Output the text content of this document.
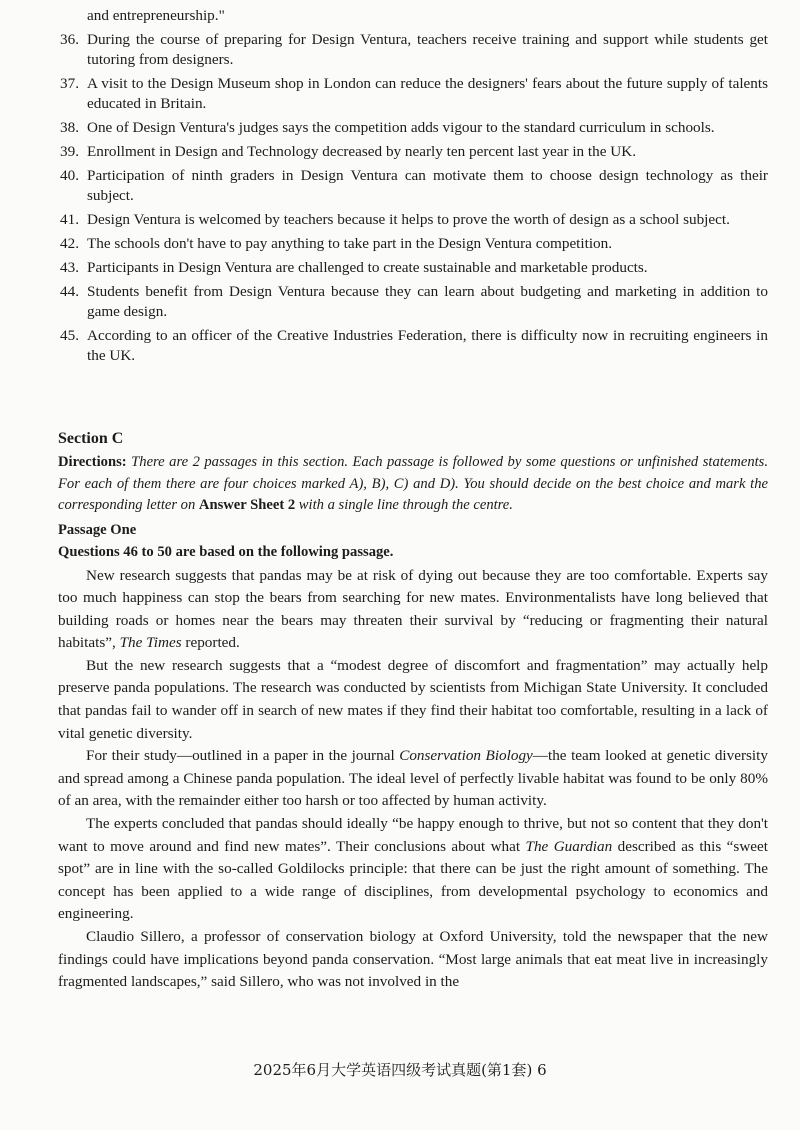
and entrepreneurship."
36. During the course of preparing for Design Ventura, teachers receive training and support while students get tutoring from designers.
37. A visit to the Design Museum shop in London can reduce the designers' fears about the future supply of talents educated in Britain.
38. One of Design Ventura's judges says the competition adds vigour to the standard curriculum in schools.
39. Enrollment in Design and Technology decreased by nearly ten percent last year in the UK.
40. Participation of ninth graders in Design Ventura can motivate them to choose design technology as their subject.
41. Design Ventura is welcomed by teachers because it helps to prove the worth of design as a school subject.
42. The schools don't have to pay anything to take part in the Design Ventura competition.
43. Participants in Design Ventura are challenged to create sustainable and marketable products.
44. Students benefit from Design Ventura because they can learn about budgeting and marketing in addition to game design.
45. According to an officer of the Creative Industries Federation, there is difficulty now in recruiting engineers in the UK.
Section C
Directions: There are 2 passages in this section. Each passage is followed by some questions or unfinished statements. For each of them there are four choices marked A), B), C) and D). You should decide on the best choice and mark the corresponding letter on Answer Sheet 2 with a single line through the centre.
Passage One
Questions 46 to 50 are based on the following passage.

New research suggests that pandas may be at risk of dying out because they are too comfortable. Experts say too much happiness can stop the bears from searching for new mates. Environmentalists have long believed that building roads or homes near the bears may threaten their survival by “reducing or fragmenting their natural habitats”, The Times reported.

But the new research suggests that a “modest degree of discomfort and fragmentation” may actually help preserve panda populations. The research was conducted by scientists from Michigan State University. It concluded that pandas fail to wander off in search of new mates if they find their habitat too comfortable, resulting in a lack of vital genetic diversity.

For their study—outlined in a paper in the journal Conservation Biology—the team looked at genetic diversity and spread among a Chinese panda population. The ideal level of perfectly livable habitat was found to be only 80% of an area, with the remainder either too harsh or too affected by human activity.

The experts concluded that pandas should ideally “be happy enough to thrive, but not so content that they don't want to move around and find new mates”. Their conclusions about what The Guardian described as this “sweet spot” are in line with the so-called Goldilocks principle: that there can be just the right amount of something. The concept has been applied to a wide range of disciplines, from developmental psychology to economics and engineering.

Claudio Sillero, a professor of conservation biology at Oxford University, told the newspaper that the new findings could have implications beyond panda conservation. “Most large animals that eat meat live in increasingly fragmented landscapes,” said Sillero, who was not involved in the

2025年6月大学英语四级考试真题(第1套) 6
